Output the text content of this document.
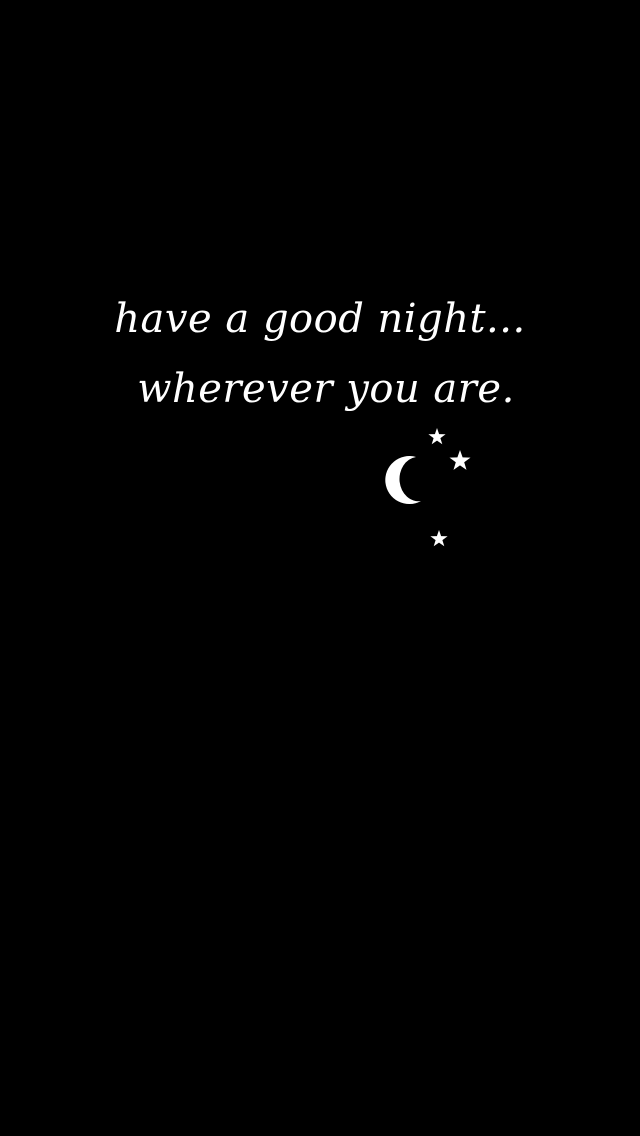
have a good night...
wherever you are.
